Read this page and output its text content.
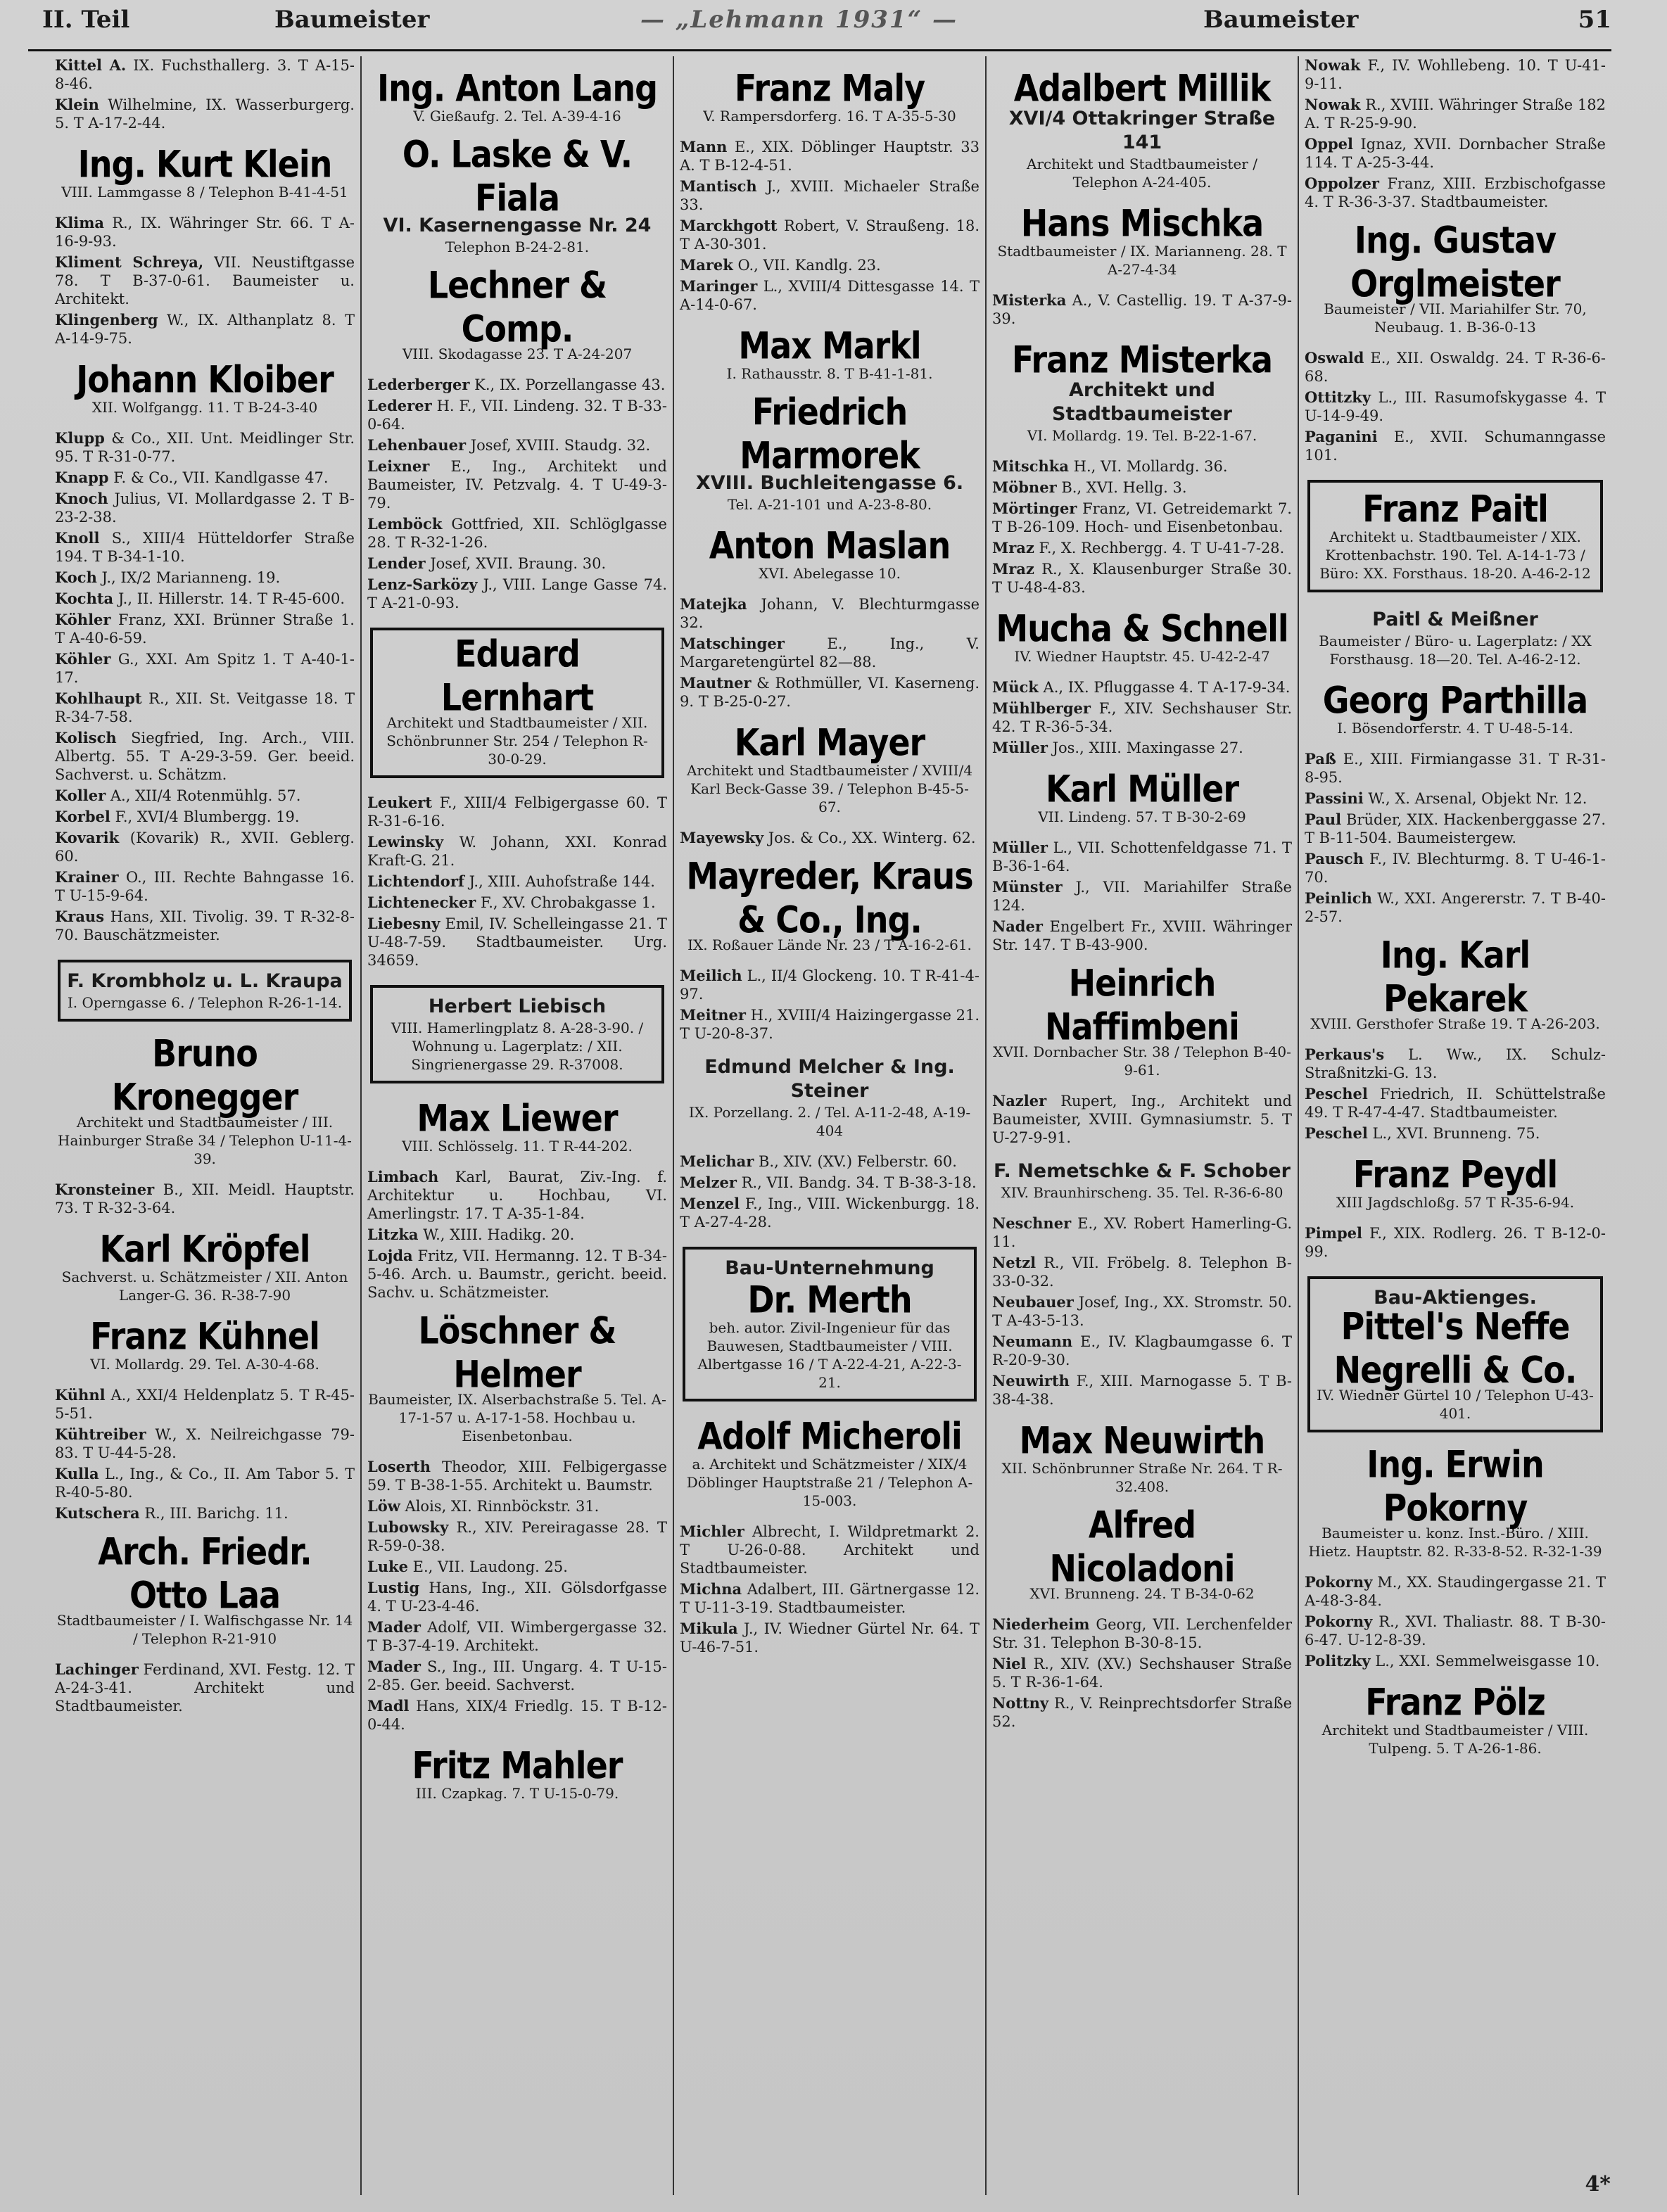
II. Teil	Baumeister	— „Lehmann 1931“ —	Baumeister	51
Kittel A. IX. Fuchsthallerg. 3. T A-15-8-46.
Klein Wilhelmine, IX. Wasserburgerg. 5. T A-17-2-44.
Ing. Kurt Klein
VIII. Lammgasse 8 / Telephon B-41-4-51
Klima R., IX. Währinger Str. 66. T A-16-9-93.
Kliment Schreya, VII. Neustiftgasse 78. T B-37-0-61. Baumeister u. Architekt.
Klingenberg W., IX. Althanplatz 8. T A-14-9-75.
Johann Kloiber
XII. Wolfgangg. 11. T B-24-3-40
Klupp & Co., XII. Unt. Meidlinger Str. 95. T R-31-0-77.
Knapp F. & Co., VII. Kandlgasse 47.
Knoch Julius, VI. Mollardgasse 2. T B-23-2-38.
Knoll S., XIII/4 Hütteldorfer Straße 194. T B-34-1-10.
Koch J., IX/2 Marianneng. 19.
Kochta J., II. Hillerstr. 14. T R-45-600.
Köhler Franz, XXI. Brünner Straße 1. T A-40-6-59.
Köhler G., XXI. Am Spitz 1. T A-40-1-17.
Kohlhaupt R., XII. St. Veitgasse 18. T R-34-7-58.
Kolisch Siegfried, Ing. Arch., VIII. Albertg. 55. T A-29-3-59. Ger. beeid. Sachverst. u. Schätzm.
Koller A., XII/4 Rotenmühlg. 57.
Korbel F., XVI/4 Blumbergg. 19.
Kovarik (Kovarik) R., XVII. Geblerg. 60.
Krainer O., III. Rechte Bahngasse 16. T U-15-9-64.
Kraus Hans, XII. Tivolig. 39. T R-32-8-70. Bauschätzmeister.
F. Krombholz u. L. Kraupa
I. Operngasse 6. / Telephon R-26-1-14.
Bruno Kronegger
Architekt und Stadtbaumeister / III. Hainburger Straße 34 / Telephon U-11-4-39.
Kronsteiner B., XII. Meidl. Hauptstr. 73. T R-32-3-64.
Karl Kröpfel
Sachverst. u. Schätzmeister / XII. Anton Langer-G. 36. R-38-7-90
Franz Kühnel
VI. Mollardg. 29. Tel. A-30-4-68.
Kühnl A., XXI/4 Heldenplatz 5. T R-45-5-51.
Kühtreiber W., X. Neilreichgasse 79-83. T U-44-5-28.
Kulla L., Ing., & Co., II. Am Tabor 5. T R-40-5-80.
Kutschera R., III. Barichg. 11.
Arch. Friedr. Otto Laa
Stadtbaumeister / I. Walfischgasse Nr. 14 / Telephon R-21-910
Lachinger Ferdinand, XVI. Festg. 12. T A-24-3-41. Architekt und Stadtbaumeister.
Ing. Anton Lang
V. Gießaufg. 2. Tel. A-39-4-16
O. Laske & V. Fiala
VI. Kasernengasse Nr. 24
Telephon B-24-2-81.
Lechner & Comp.
VIII. Skodagasse 23. T A-24-207
Lederberger K., IX. Porzellangasse 43.
Lederer H. F., VII. Lindeng. 32. T B-33-0-64.
Lehenbauer Josef, XVIII. Staudg. 32.
Leixner E., Ing., Architekt und Baumeister, IV. Petzvalg. 4. T U-49-3-79.
Lemböck Gottfried, XII. Schlöglgasse 28. T R-32-1-26.
Lender Josef, XVII. Braung. 30.
Lenz-Sarközy J., VIII. Lange Gasse 74. T A-21-0-93.
Eduard Lernhart
Architekt und Stadtbaumeister / XII. Schönbrunner Str. 254 / Telephon R-30-0-29.
Leukert F., XIII/4 Felbigergasse 60. T R-31-6-16.
Lewinsky W. Johann, XXI. Konrad Kraft-G. 21.
Lichtendorf J., XIII. Auhofstraße 144.
Lichtenecker F., XV. Chrobakgasse 1.
Liebesny Emil, IV. Schelleingasse 21. T U-48-7-59. Stadtbaumeister. Urg. 34659.
Herbert Liebisch
VIII. Hamerlingplatz 8. A-28-3-90. / Wohnung u. Lagerplatz: / XII. Singrienergasse 29. R-37008.
Max Liewer
VIII. Schlösselg. 11. T R-44-202.
Limbach Karl, Baurat, Ziv.-Ing. f. Architektur u. Hochbau, VI. Amerlingstr. 17. T A-35-1-84.
Litzka W., XIII. Hadikg. 20.
Lojda Fritz, VII. Hermanng. 12. T B-34-5-46. Arch. u. Baumstr., gericht. beeid. Sachv. u. Schätzmeister.
Löschner & Helmer
Baumeister, IX. Alserbachstraße 5. Tel. A-17-1-57 u. A-17-1-58. Hochbau u. Eisenbetonbau.
Loserth Theodor, XIII. Felbigergasse 59. T B-38-1-55. Architekt u. Baumstr.
Löw Alois, XI. Rinnböckstr. 31.
Lubowsky R., XIV. Pereiragasse 28. T R-59-0-38.
Luke E., VII. Laudong. 25.
Lustig Hans, Ing., XII. Gölsdorfgasse 4. T U-23-4-46.
Mader Adolf, VII. Wimbergergasse 32. T B-37-4-19. Architekt.
Mader S., Ing., III. Ungarg. 4. T U-15-2-85. Ger. beeid. Sachverst.
Madl Hans, XIX/4 Friedlg. 15. T B-12-0-44.
Fritz Mahler
III. Czapkag. 7. T U-15-0-79.
Franz Maly
V. Rampersdorferg. 16. T A-35-5-30
Mann E., XIX. Döblinger Hauptstr. 33 A. T B-12-4-51.
Mantisch J., XVIII. Michaeler Straße 33.
Marckhgott Robert, V. Straußeng. 18. T A-30-301.
Marek O., VII. Kandlg. 23.
Maringer L., XVIII/4 Dittesgasse 14. T A-14-0-67.
Max Markl
I. Rathausstr. 8. T B-41-1-81.
Friedrich Marmorek
XVIII. Buchleitengasse 6.
Tel. A-21-101 und A-23-8-80.
Anton Maslan
XVI. Abelegasse 10.
Matejka Johann, V. Blechturmgasse 32.
Matschinger	E., Ing., V. Margaretengürtel 82—88.
Mautner & Rothmüller, VI. Kaserneng. 9. T B-25-0-27.
Karl Mayer
Architekt und Stadtbaumeister / XVIII/4 Karl Beck-Gasse 39. / Telephon B-45-5-67.
Mayewsky Jos. & Co., XX. Winterg. 62.
Mayreder, Kraus & Co., Ing.
IX. Roßauer Lände Nr. 23 / T A-16-2-61.
Meilich L., II/4 Glockeng. 10. T R-41-4-97.
Meitner H., XVIII/4 Haizingergasse 21. T U-20-8-37.
Edmund Melcher & Ing. Steiner
IX. Porzellang. 2. / Tel. A-11-2-48, A-19-404
Melichar B., XIV. (XV.) Felberstr. 60.
Melzer R., VII. Bandg. 34. T B-38-3-18.
Menzel F., Ing., VIII. Wickenburgg. 18. T A-27-4-28.
Bau-Unternehmung
Dr. Merth
beh. autor. Zivil-Ingenieur für das Bauwesen, Stadtbaumeister / VIII. Albertgasse 16 / T A-22-4-21, A-22-3-21.
Adolf Micheroli
a. Architekt und Schätzmeister / XIX/4 Döblinger Hauptstraße 21 / Telephon A-15-003.
Michler Albrecht, I. Wildpretmarkt 2. T U-26-0-88. Architekt und Stadtbaumeister.
Michna Adalbert, III. Gärtnergasse 12. T U-11-3-19. Stadtbaumeister.
Mikula J., IV. Wiedner Gürtel Nr. 64. T U-46-7-51.
Adalbert Millik
XVI/4 Ottakringer Straße 141
Architekt und Stadtbaumeister / Telephon A-24-405.
Hans Mischka
Stadtbaumeister / IX. Marianneng. 28. T A-27-4-34
Misterka A., V. Castellig. 19. T A-37-9-39.
Franz Misterka
Architekt und Stadtbaumeister
VI. Mollardg. 19. Tel. B-22-1-67.
Mitschka H., VI. Mollardg. 36.
Möbner B., XVI. Hellg. 3.
Mörtinger Franz, VI. Getreidemarkt 7. T B-26-109. Hoch- und Eisenbetonbau.
Mraz F., X. Rechbergg. 4. T U-41-7-28.
Mraz R., X. Klausenburger Straße 30. T U-48-4-83.
Mucha & Schnell
IV. Wiedner Hauptstr. 45. U-42-2-47
Mück A., IX. Pfluggasse 4. T A-17-9-34.
Mühlberger F., XIV. Sechshauser Str. 42. T R-36-5-34.
Müller Jos., XIII. Maxingasse 27.
Karl Müller
VII. Lindeng. 57. T B-30-2-69
Müller L., VII. Schottenfeldgasse 71. T B-36-1-64.
Münster J., VII. Mariahilfer Straße 124.
Nader Engelbert Fr., XVIII. Währinger Str. 147. T B-43-900.
Heinrich Naffimbeni
XVII. Dornbacher Str. 38 / Telephon B-40-9-61.
Nazler Rupert, Ing., Architekt und Baumeister, XVIII. Gymnasiumstr. 5. T U-27-9-91.
F. Nemetschke & F. Schober
XIV. Braunhirscheng. 35. Tel. R-36-6-80
Neschner E., XV. Robert Hamerling-G. 11.
Netzl R., VII. Fröbelg. 8. Telephon B-33-0-32.
Neubauer Josef, Ing., XX. Stromstr. 50. T A-43-5-13.
Neumann E., IV. Klagbaumgasse 6. T R-20-9-30.
Neuwirth F., XIII. Marnogasse 5. T B-38-4-38.
Max Neuwirth
XII. Schönbrunner Straße Nr. 264. T R-32.408.
Alfred Nicoladoni
XVI. Brunneng. 24. T B-34-0-62
Niederheim Georg, VII. Lerchenfelder Str. 31. Telephon B-30-8-15.
Niel R., XIV. (XV.) Sechshauser Straße 5. T R-36-1-64.
Nottny R., V. Reinprechtsdorfer Straße 52.
Nowak F., IV. Wohllebeng. 10. T U-41-9-11.
Nowak R., XVIII. Währinger Straße 182 A. T R-25-9-90.
Oppel Ignaz, XVII. Dornbacher Straße 114. T A-25-3-44.
Oppolzer Franz, XIII. Erzbischofgasse 4. T R-36-3-37. Stadtbaumeister.
Ing. Gustav Orglmeister
Baumeister / VII. Mariahilfer Str. 70, Neubaug. 1. B-36-0-13
Oswald E., XII. Oswaldg. 24. T R-36-6-68.
Ottitzky L., III. Rasumofskygasse 4. T U-14-9-49.
Paganini E., XVII. Schumanngasse 101.
Franz Paitl
Architekt u. Stadtbaumeister / XIX. Krottenbachstr. 190. Tel. A-14-1-73 / Büro: XX. Forsthaus. 18-20. A-46-2-12
Paitl & Meißner
Baumeister / Büro- u. Lagerplatz: / XX Forsthausg. 18—20. Tel. A-46-2-12.
Georg Parthilla
I. Bösendorferstr. 4. T U-48-5-14.
Paß E., XIII. Firmiangasse 31. T R-31-8-95.
Passini W., X. Arsenal, Objekt Nr. 12.
Paul Brüder, XIX. Hackenberggasse 27. T B-11-504. Baumeistergew.
Pausch F., IV. Blechturmg. 8. T U-46-1-70.
Peinlich W., XXI. Angererstr. 7. T B-40-2-57.
Ing. Karl Pekarek
XVIII. Gersthofer Straße 19. T A-26-203.
Perkaus's L. Ww., IX. Schulz-Straßnitzki-G. 13.
Peschel Friedrich, II. Schüttelstraße 49. T R-47-4-47. Stadtbaumeister.
Peschel L., XVI. Brunneng. 75.
Franz Peydl
XIII Jagdschloßg. 57 T R-35-6-94.
Pimpel F., XIX. Rodlerg. 26. T B-12-0-99.
Bau-Aktienges.
Pittel's Neffe Negrelli & Co.
IV. Wiedner Gürtel 10 / Telephon U-43-401.
Ing. Erwin Pokorny
Baumeister u. konz. Inst.-Büro. / XIII. Hietz. Hauptstr. 82. R-33-8-52. R-32-1-39
Pokorny M., XX. Staudingergasse 21. T A-48-3-84.
Pokorny R., XVI. Thaliastr. 88. T B-30-6-47. U-12-8-39.
Politzky L., XXI. Semmelweisgasse 10.
Franz Pölz
Architekt und Stadtbaumeister / VIII. Tulpeng. 5. T A-26-1-86.
4*
